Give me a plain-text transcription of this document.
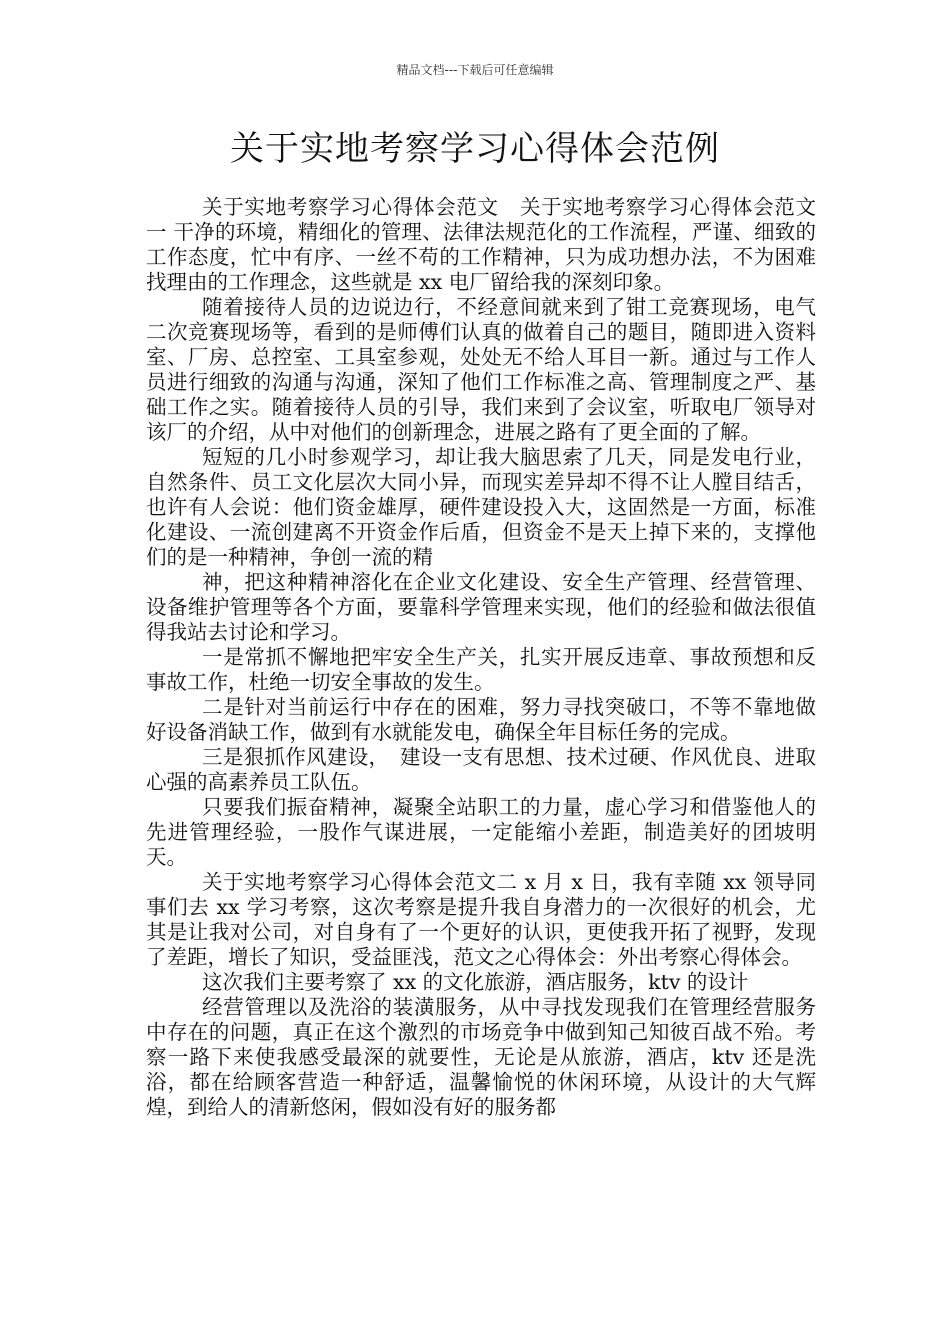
精品文档---下载后可任意编辑
关于实地考察学习心得体会范例

关于实地考察学习心得体会范文　关于实地考察学习心得体会范文一 干净的环境，精细化的管理、法律法规范化的工作流程，严谨、细致的工作态度，忙中有序、一丝不苟的工作精神，只为成功想办法，不为困难找理由的工作理念，这些就是 xx 电厂留给我的深刻印象。

随着接待人员的边说边行，不经意间就来到了钳工竞赛现场，电气二次竞赛现场等，看到的是师傅们认真的做着自己的题目，随即进入资料室、厂房、总控室、工具室参观，处处无不给人耳目一新。通过与工作人员进行细致的沟通与沟通，深知了他们工作标准之高、管理制度之严、基础工作之实。随着接待人员的引导，我们来到了会议室，听取电厂领导对该厂的介绍，从中对他们的创新理念，进展之路有了更全面的了解。

短短的几小时参观学习，却让我大脑思索了几天，同是发电行业，自然条件、员工文化层次大同小异，而现实差异却不得不让人膛目结舌，也许有人会说：他们资金雄厚，硬件建设投入大，这固然是一方面，标准化建设、一流创建离不开资金作后盾，但资金不是天上掉下来的，支撑他们的是一种精神，争创一流的精

神，把这种精神溶化在企业文化建设、安全生产管理、经营管理、设备维护管理等各个方面，要靠科学管理来实现，他们的经验和做法很值得我站去讨论和学习。

一是常抓不懈地把牢安全生产关，扎实开展反违章、事故预想和反事故工作，杜绝一切安全事故的发生。

二是针对当前运行中存在的困难，努力寻找突破口，不等不靠地做好设备消缺工作，做到有水就能发电，确保全年目标任务的完成。

三是狠抓作风建设，　建设一支有思想、技术过硬、作风优良、进取心强的高素养员工队伍。

只要我们振奋精神，凝聚全站职工的力量，虚心学习和借鉴他人的先进管理经验，一股作气谋进展，一定能缩小差距，制造美好的团坡明天。

关于实地考察学习心得体会范文二 x 月 x 日，我有幸随 xx 领导同事们去 xx 学习考察，这次考察是提升我自身潜力的一次很好的机会，尤其是让我对公司，对自身有了一个更好的认识，更使我开拓了视野，发现了差距，增长了知识，受益匪浅，范文之心得体会：外出考察心得体会。

这次我们主要考察了 xx 的文化旅游，酒店服务，ktv 的设计

经营管理以及洗浴的装潢服务，从中寻找发现我们在管理经营服务中存在的问题，真正在这个激烈的市场竞争中做到知己知彼百战不殆。考察一路下来使我感受最深的就要性，无论是从旅游，酒店，ktv 还是洗浴，都在给顾客营造一种舒适，温馨愉悦的休闲环境，从设计的大气辉煌，到给人的清新悠闲，假如没有好的服务都
